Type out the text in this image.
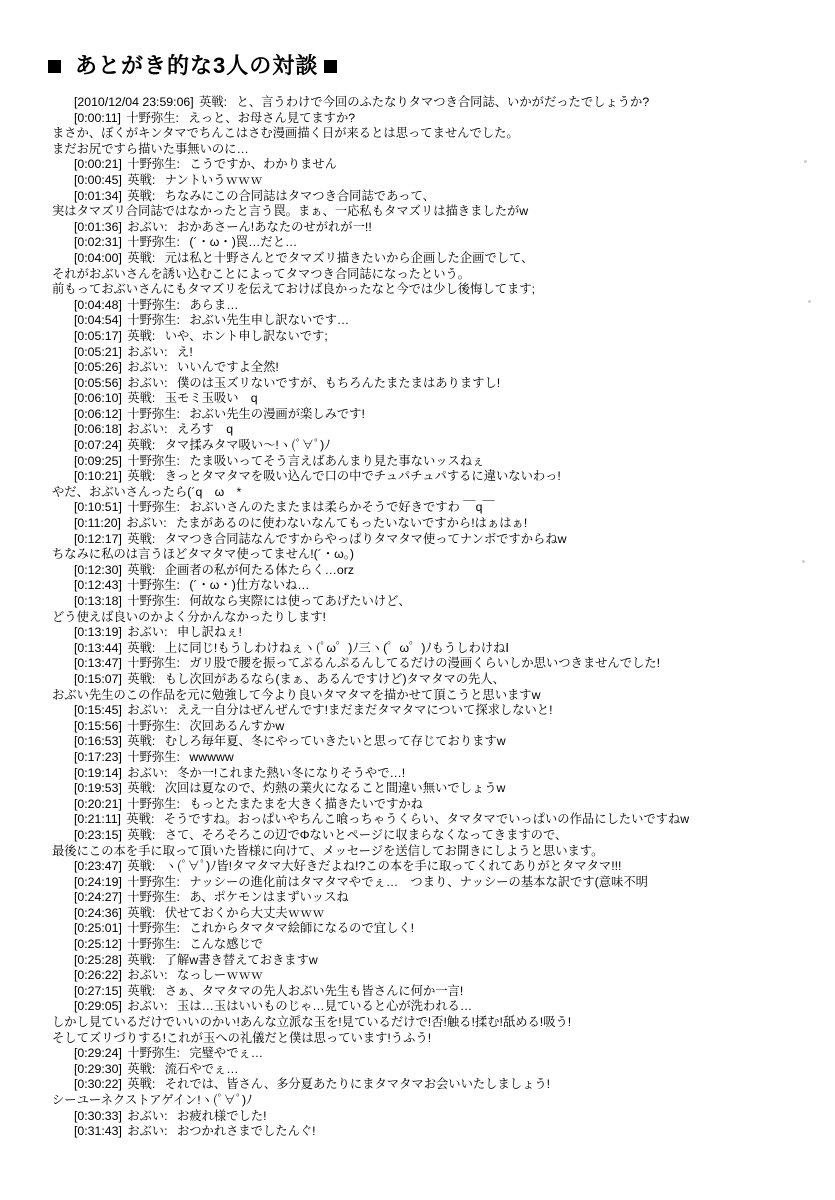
あとがき的な3人の対談
[2010/12/04 23:59:06] 英戦: と、言うわけで今回のふたなりタマつき合同誌、いかがだったでしょうか?
[0:00:11] 十野弥生: えっと、お母さん見てますか?
まさか、ぼくがキンタマでちんこはさむ漫画描く日が来るとは思ってませんでした。
まだお尻ですら描いた事無いのに…
[0:00:21] 十野弥生: こうですか、わかりません
[0:00:45] 英戦: ナントいうｗｗｗ
[0:01:34] 英戦: ちなみにこの合同誌はタマつき合同誌であって、
実はタマズリ合同誌ではなかったと言う罠。まぁ、一応私もタマズリは描きましたがw
[0:01:36] おぶい: おかあさーん!あなたのせがれが一!!
[0:02:31] 十野弥生: (´・ω・)罠…だと…
[0:04:00] 英戦: 元は私と十野さんとでタマズリ描きたいから企画した企画でして、
それがおぶいさんを誘い込むことによってタマつき合同誌になったという。
前もっておぶいさんにもタマズリを伝えておけば良かったなと今では少し後悔してます;
[0:04:48] 十野弥生: あらま…
[0:04:54] 十野弥生: おぶい先生申し訳ないです…
[0:05:17] 英戦: いや、ホント申し訳ないです;
[0:05:21] おぶい: え!
[0:05:26] おぶい: いいんですよ全然!
[0:05:56] おぶい: 僕のは玉ズリないですが、もちろんたまたまはありますし!
[0:06:10] 英戦: 玉モミ玉吸い　q
[0:06:12] 十野弥生: おぶい先生の漫画が楽しみです!
[0:06:18] おぶい: えろす　q
[0:07:24] 英戦: タマ揉みタマ吸い～!ヽ(ﾟ∀ﾟ)ﾉ
[0:09:25] 十野弥生: たま吸いってそう言えばあんまり見た事ないッスねぇ
[0:10:21] 英戦: きっとタマタマを吸い込んで口の中でチュパチュパするに違いないわっ!
やだ、おぶいさんったら(´q　ω　*
[0:10:51] 十野弥生: おぶいさんのたまたまは柔らかそうで好きですわ ￣q￣
[0:11:20] おぶい: たまがあるのに使わないなんてもったいないですから!はぁはぁ!
[0:12:17] 英戦: タマつき合同誌なんですからやっぱりタマタマ使ってナンボですからねw
ちなみに私のは言うほどタマタマ使ってません!(´・ω。)
[0:12:30] 英戦: 企画者の私が何たる体たらく…orz
[0:12:43] 十野弥生: (´・ω・)仕方ないね…
[0:13:18] 十野弥生: 何故なら実際には使ってあげたいけど、
どう使えば良いのかよく分かんなかったりします!
[0:13:19] おぶい: 申し訳ねぇ!
[0:13:44] 英戦: 上に同じ!もうしわけねぇヽ(ﾟω゜)ﾉ三ヽ(゜ω゜)ﾉもうしわけねⅠ
[0:13:47] 十野弥生: ガリ股で腰を振ってぷるんぷるんしてるだけの漫画くらいしか思いつきませんでした!
[0:15:07] 英戦: もし次回があるなら(まぁ、あるんですけど)タマタマの先人、
おぶい先生のこの作品を元に勉強して今より良いタマタマを描かせて頂こうと思いますw
[0:15:45] おぶい: ええ一自分はぜんぜんです!まだまだタマタマについて探求しないと!
[0:15:56] 十野弥生: 次回あるんすかw
[0:16:53] 英戦: むしろ毎年夏、冬にやっていきたいと思って存じておりますw
[0:17:23] 十野弥生: wwwww
[0:19:14] おぶい: 冬か一!これまた熱い冬になりそうやで…!
[0:19:53] 英戦: 次回は夏なので、灼熱の業火になること間違い無いでしょうw
[0:20:21] 十野弥生: もっとたまたまを大きく描きたいですかね
[0:21:11] 英戦: そうですね。おっぱいやちんこ喰っちゃうくらい、タマタマでいっぱいの作品にしたいですねw
[0:23:15] 英戦: さて、そろそろこの辺でΦないとページに収まらなくなってきますので、
最後にこの本を手に取って頂いた皆様に向けて、メッセージを送信してお開きにしようと思います。
[0:23:47] 英戦: ヽ(ﾟ∀ﾟ)ﾉ皆!タマタマ大好きだよね!?この本を手に取ってくれてありがとタマタマ!!!
[0:24:19] 十野弥生: ナッシーの進化前はタマタマやでぇ…　つまり、ナッシーの基本な訳です(意味不明
[0:24:27] 十野弥生: あ、ポケモンはまずいッスね
[0:24:36] 英戦: 伏せておくから大丈夫ｗｗｗ
[0:25:01] 十野弥生: これからタマタマ絵師になるので宜しく!
[0:25:12] 十野弥生: こんな感じで
[0:25:28] 英戦: 了解w書き替えておきますw
[0:26:22] おぶい: なっしーｗｗｗ
[0:27:15] 英戦: さぁ、タマタマの先人おぶい先生も皆さんに何か一言!
[0:29:05] おぶい: 玉は…玉はいいものじゃ…見ていると心が洗われる…
しかし見ているだけでいいのかい!あんな立派な玉を!見ているだけで!否!触る!揉む!舐める!吸う!
そしてズリづりする!これが玉への礼儀だと僕は思っています!うふう!
[0:29:24] 十野弥生: 完璧やでぇ…
[0:29:30] 英戦: 流石やでぇ…
[0:30:22] 英戦: それでは、皆さん、多分夏あたりにまタマタマお会いいたしましょう!
シーユーネクストアゲイン!ヽ(ﾟ∀ﾟ)ﾉ
[0:30:33] おぶい: お疲れ様でした!
[0:31:43] おぶい: おつかれさまでしたんぐ!
